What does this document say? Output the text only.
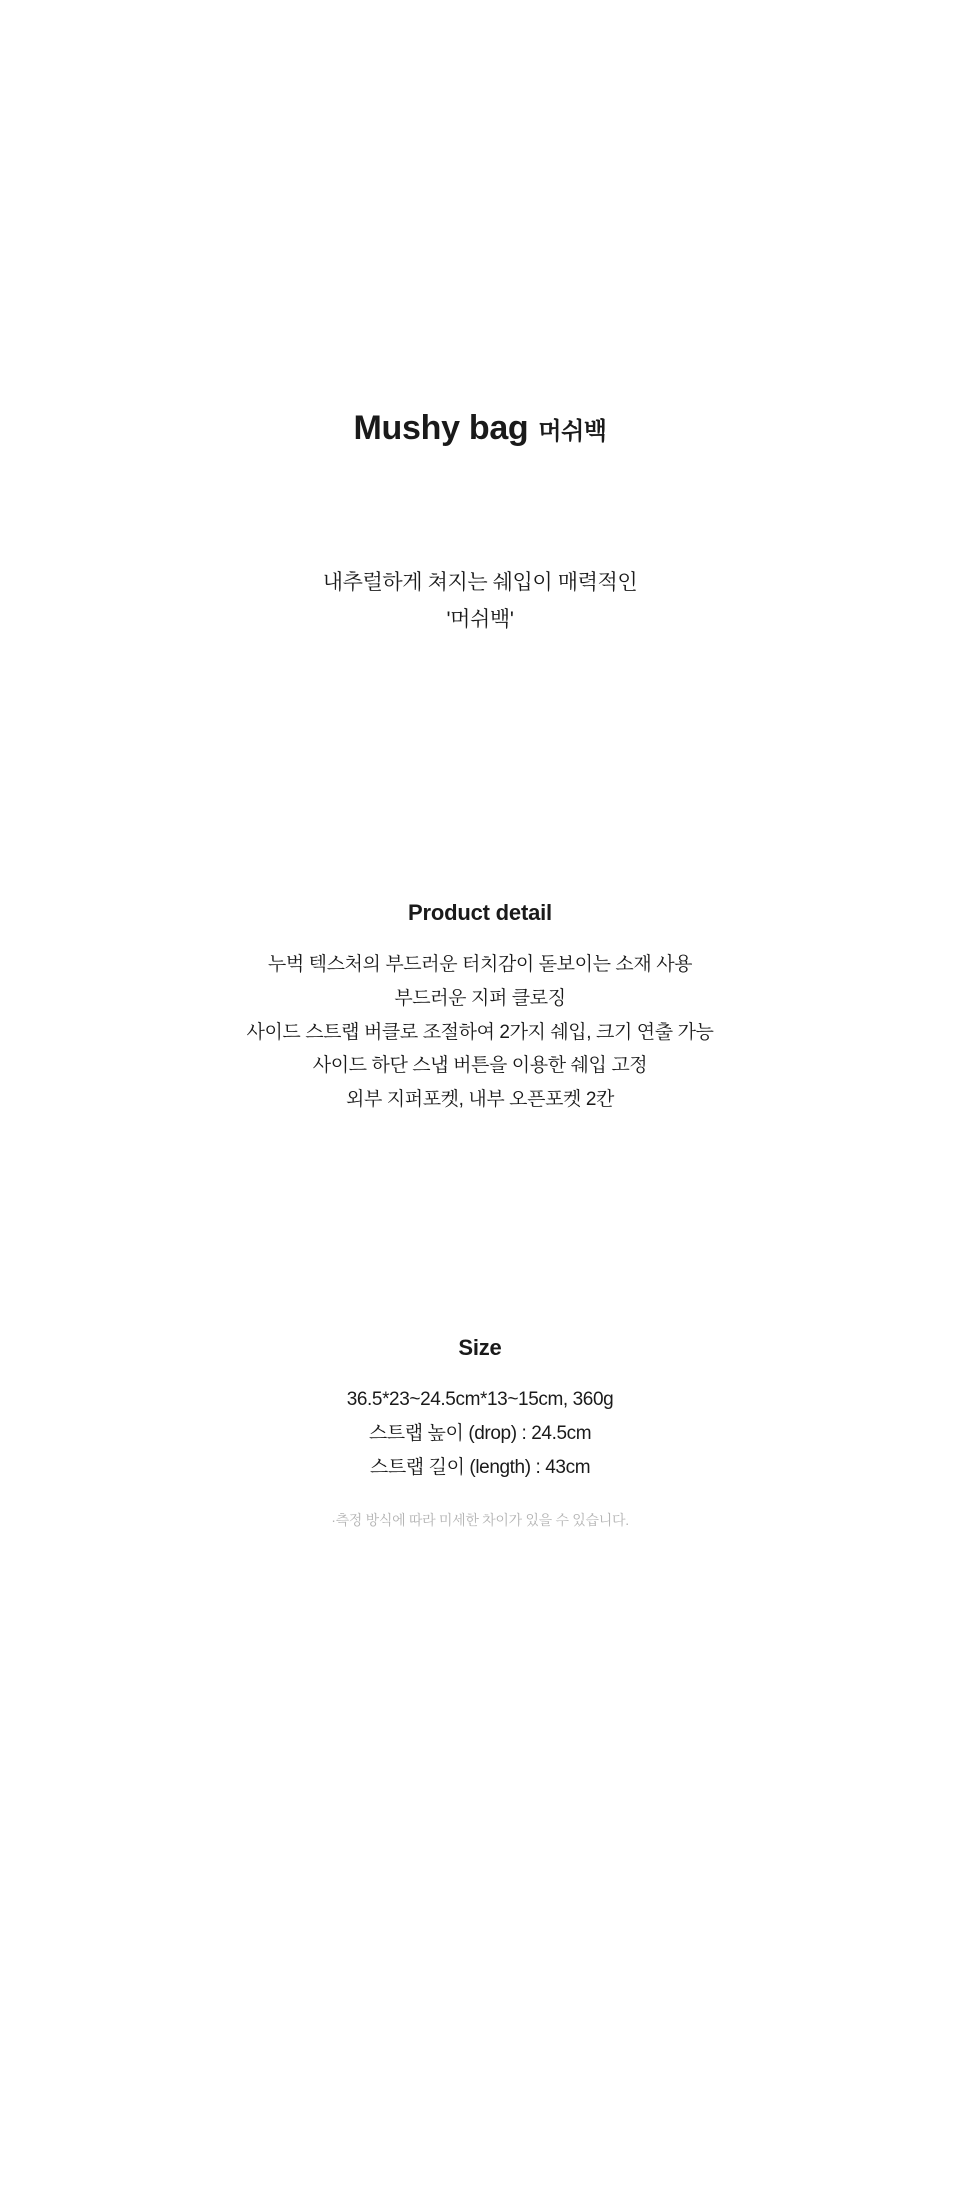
Mushy bag 머쉬백
내추럴하게 쳐지는 쉐입이 매력적인
'머쉬백'
Product detail
누벅 텍스처의 부드러운 터치감이 돋보이는 소재 사용
부드러운 지퍼 클로징
사이드 스트랩 버클로 조절하여 2가지 쉐입, 크기 연출 가능
사이드 하단 스냅 버튼을 이용한 쉐입 고정
외부 지퍼포켓, 내부 오픈포켓 2칸
Size
36.5*23~24.5cm*13~15cm, 360g
스트랩 높이 (drop) : 24.5cm
스트랩 길이 (length) : 43cm
·측정 방식에 따라 미세한 차이가 있을 수 있습니다.
